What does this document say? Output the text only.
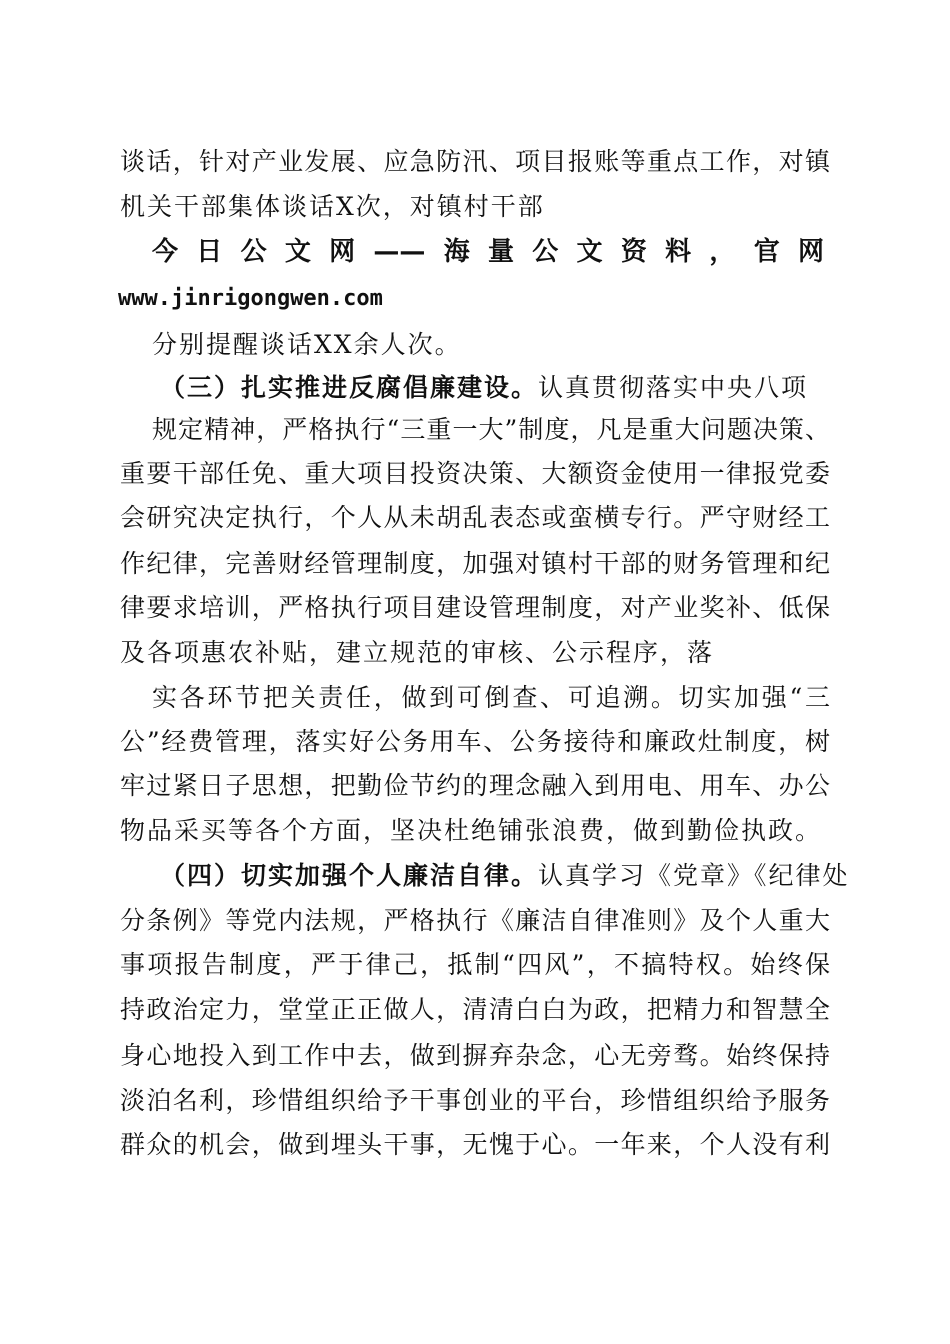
谈话，针对产业发展、应急防汛、项目报账等重点工作，对镇
机关干部集体谈话X次，对镇村干部
今日公文网——海量公文资料，官网
www.jinrigongwen.com
分别提醒谈话XX余人次。
（三）扎实推进反腐倡廉建设。认真贯彻落实中央八项
规定精神，严格执行“三重一大”制度，凡是重大问题决策、
重要干部任免、重大项目投资决策、大额资金使用一律报党委
会研究决定执行，个人从未胡乱表态或蛮横专行。严守财经工
作纪律，完善财经管理制度，加强对镇村干部的财务管理和纪
律要求培训，严格执行项目建设管理制度，对产业奖补、低保
及各项惠农补贴，建立规范的审核、公示程序，落
实各环节把关责任，做到可倒查、可追溯。切实加强“三
公”经费管理，落实好公务用车、公务接待和廉政灶制度，树
牢过紧日子思想，把勤俭节约的理念融入到用电、用车、办公
物品采买等各个方面，坚决杜绝铺张浪费，做到勤俭执政。
（四）切实加强个人廉洁自律。认真学习《党章》《纪律处
分条例》等党内法规，严格执行《廉洁自律准则》及个人重大
事项报告制度，严于律己，抵制“四风”，不搞特权。始终保
持政治定力，堂堂正正做人，清清白白为政，把精力和智慧全
身心地投入到工作中去，做到摒弃杂念，心无旁骛。始终保持
淡泊名利，珍惜组织给予干事创业的平台，珍惜组织给予服务
群众的机会，做到埋头干事，无愧于心。一年来，个人没有利
